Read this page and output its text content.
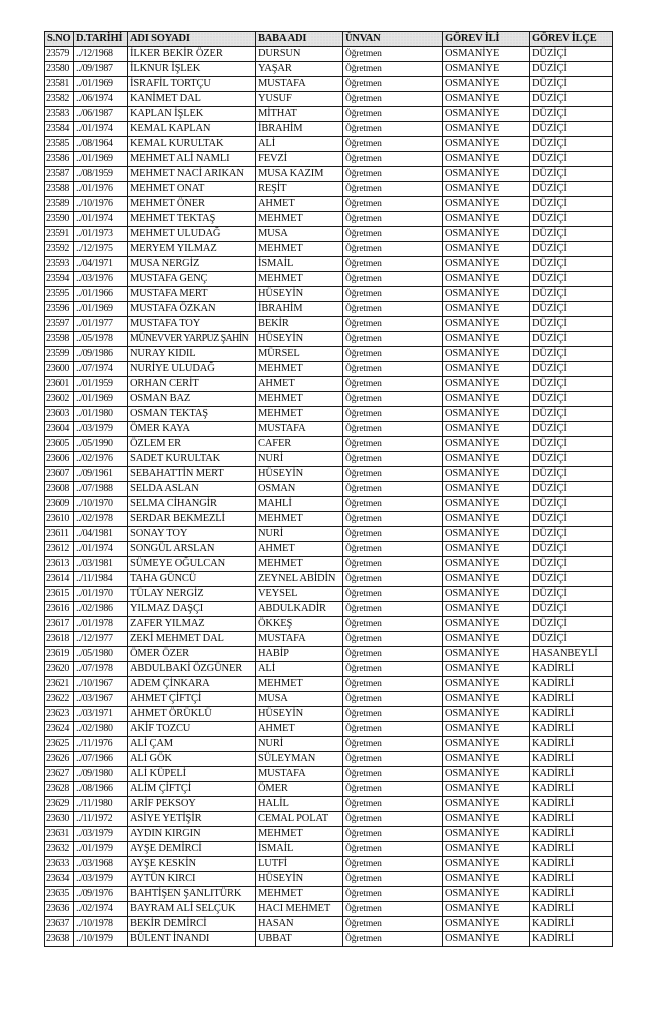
S.NO	D.TARİHİ	ADI SOYADI	BABA ADI	ÜNVAN	GÖREV İLİ	GÖREV İLÇE
23579	../12/1968	İLKER BEKİR ÖZER	DURSUN	Öğretmen	OSMANİYE	DÜZİÇİ
23580	../09/1987	İLKNUR İŞLEK	YAŞAR	Öğretmen	OSMANİYE	DÜZİÇİ
23581	../01/1969	İSRAFİL TORTÇU	MUSTAFA	Öğretmen	OSMANİYE	DÜZİÇİ
23582	../06/1974	KANİMET DAL	YUSUF	Öğretmen	OSMANİYE	DÜZİÇİ
23583	../06/1987	KAPLAN İŞLEK	MİTHAT	Öğretmen	OSMANİYE	DÜZİÇİ
23584	../01/1974	KEMAL KAPLAN	İBRAHİM	Öğretmen	OSMANİYE	DÜZİÇİ
23585	../08/1964	KEMAL KURULTAK	ALİ	Öğretmen	OSMANİYE	DÜZİÇİ
23586	../01/1969	MEHMET ALİ NAMLI	FEVZİ	Öğretmen	OSMANİYE	DÜZİÇİ
23587	../08/1959	MEHMET NACİ ARIKAN	MUSA KAZIM	Öğretmen	OSMANİYE	DÜZİÇİ
23588	../01/1976	MEHMET ONAT	REŞİT	Öğretmen	OSMANİYE	DÜZİÇİ
23589	../10/1976	MEHMET ÖNER	AHMET	Öğretmen	OSMANİYE	DÜZİÇİ
23590	../01/1974	MEHMET TEKTAŞ	MEHMET	Öğretmen	OSMANİYE	DÜZİÇİ
23591	../01/1973	MEHMET ULUDAĞ	MUSA	Öğretmen	OSMANİYE	DÜZİÇİ
23592	../12/1975	MERYEM YILMAZ	MEHMET	Öğretmen	OSMANİYE	DÜZİÇİ
23593	../04/1971	MUSA NERGİZ	İSMAİL	Öğretmen	OSMANİYE	DÜZİÇİ
23594	../03/1976	MUSTAFA GENÇ	MEHMET	Öğretmen	OSMANİYE	DÜZİÇİ
23595	../01/1966	MUSTAFA MERT	HÜSEYİN	Öğretmen	OSMANİYE	DÜZİÇİ
23596	../01/1969	MUSTAFA ÖZKAN	İBRAHİM	Öğretmen	OSMANİYE	DÜZİÇİ
23597	../01/1977	MUSTAFA TOY	BEKİR	Öğretmen	OSMANİYE	DÜZİÇİ
23598	../05/1978	MÜNEVVER YARPUZ ŞAHİN	HÜSEYİN	Öğretmen	OSMANİYE	DÜZİÇİ
23599	../09/1986	NURAY KIDIL	MÜRSEL	Öğretmen	OSMANİYE	DÜZİÇİ
23600	../07/1974	NURİYE ULUDAĞ	MEHMET	Öğretmen	OSMANİYE	DÜZİÇİ
23601	../01/1959	ORHAN CERİT	AHMET	Öğretmen	OSMANİYE	DÜZİÇİ
23602	../01/1969	OSMAN BAZ	MEHMET	Öğretmen	OSMANİYE	DÜZİÇİ
23603	../01/1980	OSMAN TEKTAŞ	MEHMET	Öğretmen	OSMANİYE	DÜZİÇİ
23604	../03/1979	ÖMER KAYA	MUSTAFA	Öğretmen	OSMANİYE	DÜZİÇİ
23605	../05/1990	ÖZLEM ER	CAFER	Öğretmen	OSMANİYE	DÜZİÇİ
23606	../02/1976	SADET KURULTAK	NURİ	Öğretmen	OSMANİYE	DÜZİÇİ
23607	../09/1961	SEBAHATTİN MERT	HÜSEYİN	Öğretmen	OSMANİYE	DÜZİÇİ
23608	../07/1988	SELDA ASLAN	OSMAN	Öğretmen	OSMANİYE	DÜZİÇİ
23609	../10/1970	SELMA CİHANGİR	MAHLİ	Öğretmen	OSMANİYE	DÜZİÇİ
23610	../02/1978	SERDAR BEKMEZLİ	MEHMET	Öğretmen	OSMANİYE	DÜZİÇİ
23611	../04/1981	SONAY TOY	NURİ	Öğretmen	OSMANİYE	DÜZİÇİ
23612	../01/1974	SONGÜL ARSLAN	AHMET	Öğretmen	OSMANİYE	DÜZİÇİ
23613	../03/1981	SÜMEYE OĞULCAN	MEHMET	Öğretmen	OSMANİYE	DÜZİÇİ
23614	../11/1984	TAHA GÜNCÜ	ZEYNEL ABİDİN	Öğretmen	OSMANİYE	DÜZİÇİ
23615	../01/1970	TÜLAY NERGİZ	VEYSEL	Öğretmen	OSMANİYE	DÜZİÇİ
23616	../02/1986	YILMAZ DAŞÇI	ABDULKADİR	Öğretmen	OSMANİYE	DÜZİÇİ
23617	../01/1978	ZAFER YILMAZ	ÖKKEŞ	Öğretmen	OSMANİYE	DÜZİÇİ
23618	../12/1977	ZEKİ MEHMET DAL	MUSTAFA	Öğretmen	OSMANİYE	DÜZİÇİ
23619	../05/1980	ÖMER ÖZER	HABİP	Öğretmen	OSMANİYE	HASANBEYLİ
23620	../07/1978	ABDULBAKİ ÖZGÜNER	ALİ	Öğretmen	OSMANİYE	KADİRLİ
23621	../10/1967	ADEM ÇİNKARA	MEHMET	Öğretmen	OSMANİYE	KADİRLİ
23622	../03/1967	AHMET ÇİFTÇİ	MUSA	Öğretmen	OSMANİYE	KADİRLİ
23623	../03/1971	AHMET ÖRÜKLÜ	HÜSEYİN	Öğretmen	OSMANİYE	KADİRLİ
23624	../02/1980	AKİF TOZCU	AHMET	Öğretmen	OSMANİYE	KADİRLİ
23625	../11/1976	ALİ ÇAM	NURİ	Öğretmen	OSMANİYE	KADİRLİ
23626	../07/1966	ALİ GÖK	SÜLEYMAN	Öğretmen	OSMANİYE	KADİRLİ
23627	../09/1980	ALİ KÜPELİ	MUSTAFA	Öğretmen	OSMANİYE	KADİRLİ
23628	../08/1966	ALİM ÇİFTÇİ	ÖMER	Öğretmen	OSMANİYE	KADİRLİ
23629	../11/1980	ARİF PEKSOY	HALİL	Öğretmen	OSMANİYE	KADİRLİ
23630	../11/1972	ASİYE YETİŞİR	CEMAL POLAT	Öğretmen	OSMANİYE	KADİRLİ
23631	../03/1979	AYDIN KIRGIN	MEHMET	Öğretmen	OSMANİYE	KADİRLİ
23632	../01/1979	AYŞE DEMİRCİ	İSMAİL	Öğretmen	OSMANİYE	KADİRLİ
23633	../03/1968	AYŞE KESKİN	LUTFİ	Öğretmen	OSMANİYE	KADİRLİ
23634	../03/1979	AYTÜN KIRCI	HÜSEYİN	Öğretmen	OSMANİYE	KADİRLİ
23635	../09/1976	BAHTİŞEN ŞANLITÜRK	MEHMET	Öğretmen	OSMANİYE	KADİRLİ
23636	../02/1974	BAYRAM ALİ SELÇUK	HACI MEHMET	Öğretmen	OSMANİYE	KADİRLİ
23637	../10/1978	BEKİR DEMİRCİ	HASAN	Öğretmen	OSMANİYE	KADİRLİ
23638	../10/1979	BÜLENT İNANDI	UBBAT	Öğretmen	OSMANİYE	KADİRLİ
